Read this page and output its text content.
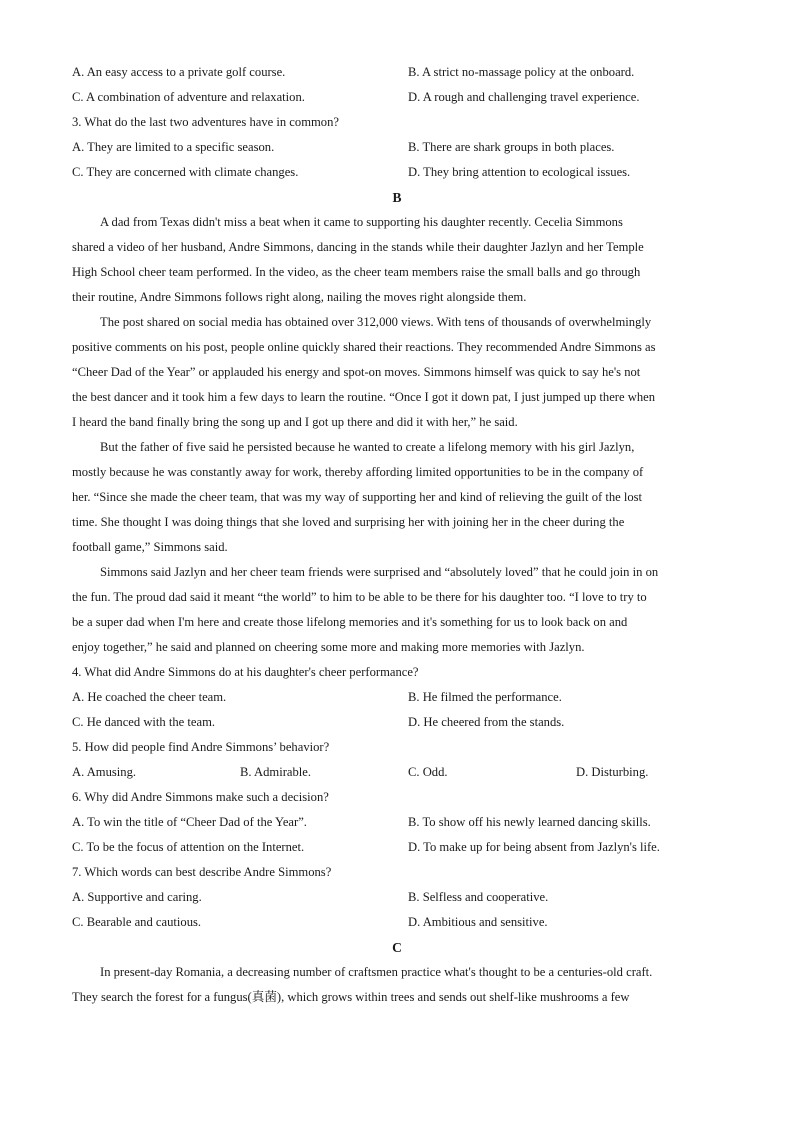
A. An easy access to a private golf course.	B. A strict no-massage policy at the onboard.
C. A combination of adventure and relaxation.	D. A rough and challenging travel experience.
3. What do the last two adventures have in common?
A. They are limited to a specific season.	B. There are shark groups in both places.
C. They are concerned with climate changes.	D. They bring attention to ecological issues.
B
A dad from Texas didn't miss a beat when it came to supporting his daughter recently. Cecelia Simmons
shared a video of her husband, Andre Simmons, dancing in the stands while their daughter Jazlyn and her Temple
High School cheer team performed. In the video, as the cheer team members raise the small balls and go through
their routine, Andre Simmons follows right along, nailing the moves right alongside them.
The post shared on social media has obtained over 312,000 views. With tens of thousands of overwhelmingly
positive comments on his post, people online quickly shared their reactions. They recommended Andre Simmons as
“Cheer Dad of the Year” or applauded his energy and spot-on moves. Simmons himself was quick to say he's not
the best dancer and it took him a few days to learn the routine. “Once I got it down pat, I just jumped up there when
I heard the band finally bring the song up and I got up there and did it with her,” he said.
But the father of five said he persisted because he wanted to create a lifelong memory with his girl Jazlyn,
mostly because he was constantly away for work, thereby affording limited opportunities to be in the company of
her. “Since she made the cheer team, that was my way of supporting her and kind of relieving the guilt of the lost
time. She thought I was doing things that she loved and surprising her with joining her in the cheer during the
football game,” Simmons said.
Simmons said Jazlyn and her cheer team friends were surprised and “absolutely loved” that he could join in on
the fun. The proud dad said it meant “the world” to him to be able to be there for his daughter too. “I love to try to
be a super dad when I'm here and create those lifelong memories and it's something for us to look back on and
enjoy together,” he said and planned on cheering some more and making more memories with Jazlyn.
4. What did Andre Simmons do at his daughter's cheer performance?
A. He coached the cheer team.	B. He filmed the performance.
C. He danced with the team.	D. He cheered from the stands.
5. How did people find Andre Simmons’ behavior?
A. Amusing.	B. Admirable.	C. Odd.	D. Disturbing.
6. Why did Andre Simmons make such a decision?
A. To win the title of “Cheer Dad of the Year”.	B. To show off his newly learned dancing skills.
C. To be the focus of attention on the Internet.	D. To make up for being absent from Jazlyn's life.
7. Which words can best describe Andre Simmons?
A. Supportive and caring.	B. Selfless and cooperative.
C. Bearable and cautious.	D. Ambitious and sensitive.
C
In present-day Romania, a decreasing number of craftsmen practice what's thought to be a centuries-old craft.
They search the forest for a fungus(真菌), which grows within trees and sends out shelf-like mushrooms a few
